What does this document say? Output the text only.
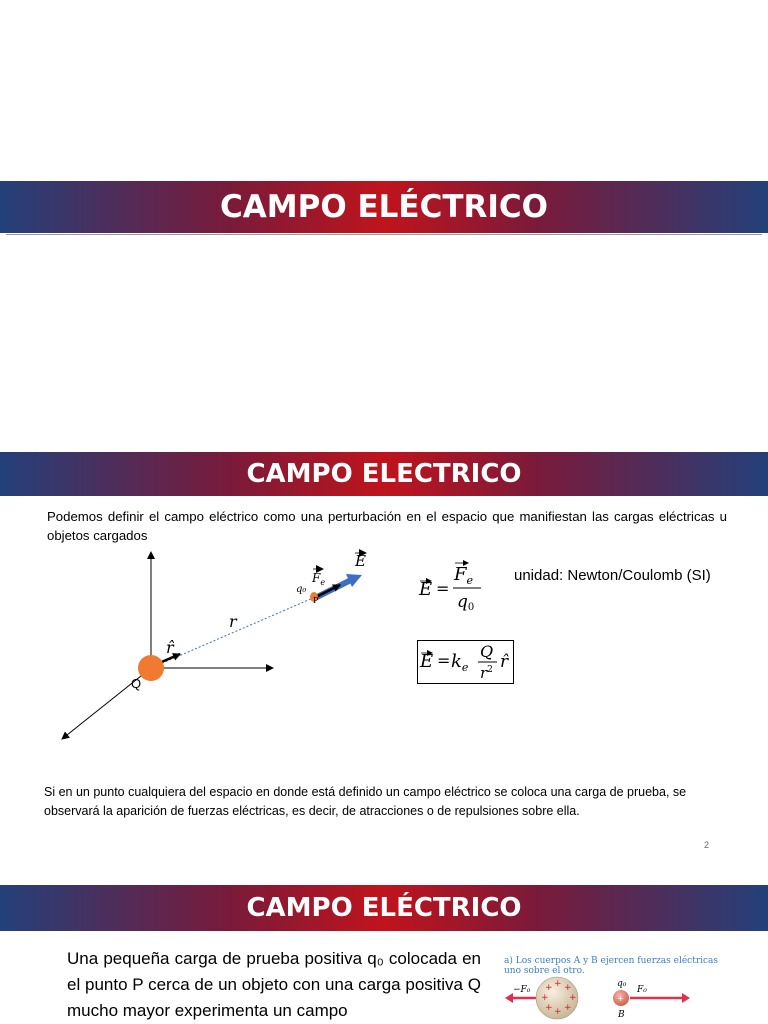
CAMPO ELÉCTRICO
CAMPO ELECTRICO
Podemos definir el campo eléctrico como una perturbación en el espacio que manifiestan las cargas eléctricas u objetos cargados
Q
r
r̂
q₀
P
$F_e$
E
E =
$F_e$
q0
unidad: Newton/Coulomb (SI)
$E = k_e$
Q
$r^2$ r̂
Si en un punto cualquiera del espacio en donde está definido un campo eléctrico se coloca una carga de prueba, se observará la aparición de fuerzas eléctricas, es decir, de atracciones o de repulsiones sobre ella.
2
CAMPO ELÉCTRICO
Una pequeña carga de prueba positiva q₀ colocada en el punto P cerca de un objeto con una carga positiva Q mucho mayor experimenta un campo
a) Los cuerpos A y B ejercen fuerzas eléctricas
uno sobre el otro.
−F₀ + + +
+ +
+ + +
+
q₀
B
F₀
